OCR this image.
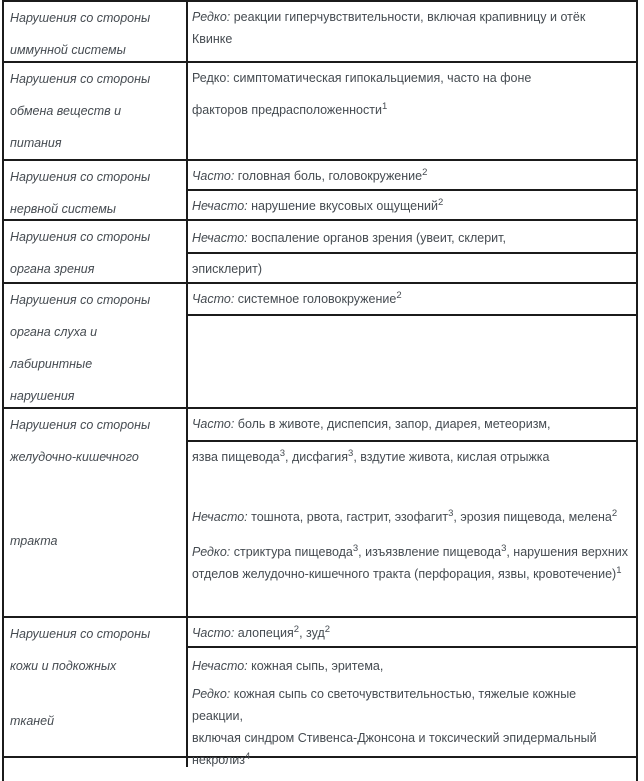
Нарушения со стороны
иммунной системы

Редко: реакции гиперчувствительности, включая крапивницу и отёк
Квинке

Нарушения со стороны
обмена веществ и
питания

Редко: симптоматическая гипокальциемия, часто на фоне

факторов предрасположенности$^1$

Нарушения со стороны
нервной системы

Часто: головная боль, головокружение$^2$

Нечасто: нарушение вкусовых ощущений$^2$

Нарушения со стороны
органа зрения

Нечасто: воспаление органов зрения (увеит, склерит,

эписклерит)

Нарушения со стороны
органа слуха и
лабиринтные
нарушения

Часто: системное головокружение$^2$

Нарушения со стороны
желудочно-кишечного
тракта

Часто: боль в животе, диспепсия, запор, диарея, метеоризм,

язва пищевода$^3$, дисфагия$^3$, вздутие живота, кислая отрыжка

Нечасто: тошнота, рвота, гастрит, эзофагит$^3$, эрозия пищевода, мелена$^2$

Редко: стриктура пищевода$^3$, изъязвление пищевода$^3$, нарушения верхних
отделов желудочно-кишечного тракта (перфорация, язвы, кровотечение)$^1$

Нарушения со стороны
кожи и подкожных
тканей

Часто: алопеция$^2$, зуд$^2$

Нечасто: кожная сыпь, эритема,

Редко: кожная сыпь со светочувствительностью, тяжелые кожные реакции,
включая синдром Стивенса-Джонсона и токсический эпидермальный
некролиз$^4$
